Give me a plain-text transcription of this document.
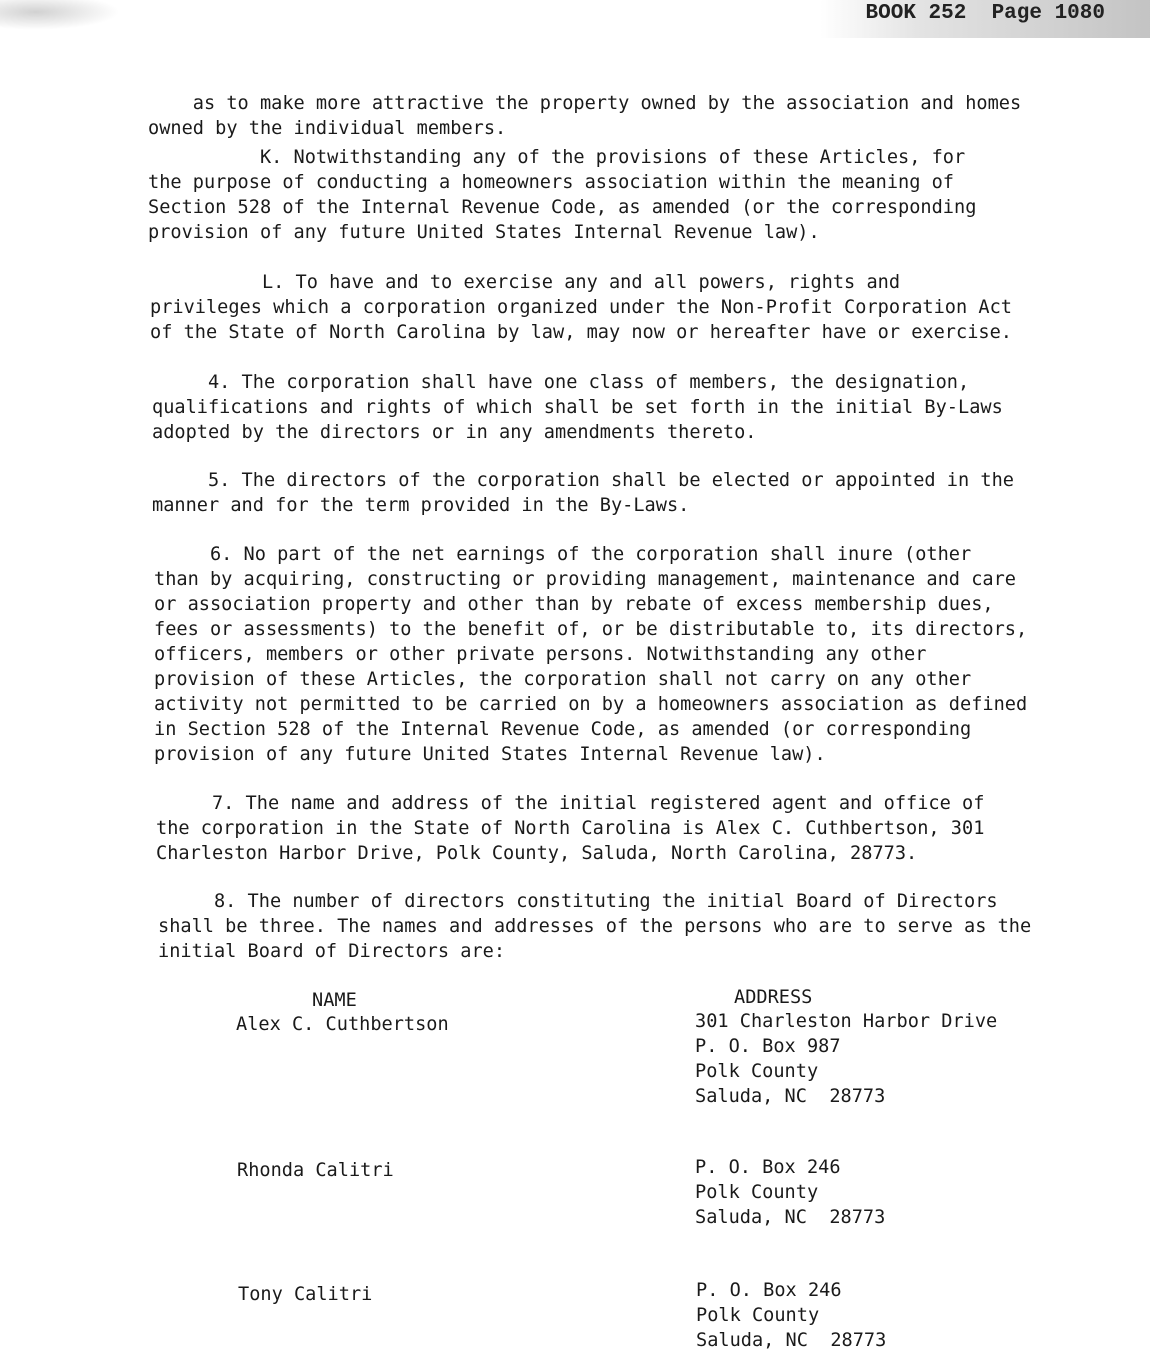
BOOK 252  Page 1080

as to make more attractive the property owned by the association and homes
owned by the individual members.

K. Notwithstanding any of the provisions of these Articles, for
the purpose of conducting a homeowners association within the meaning of
Section 528 of the Internal Revenue Code, as amended (or the corresponding
provision of any future United States Internal Revenue law).

L. To have and to exercise any and all powers, rights and
privileges which a corporation organized under the Non-Profit Corporation Act
of the State of North Carolina by law, may now or hereafter have or exercise.

4. The corporation shall have one class of members, the designation,
qualifications and rights of which shall be set forth in the initial By-Laws
adopted by the directors or in any amendments thereto.

5. The directors of the corporation shall be elected or appointed in the
manner and for the term provided in the By-Laws.

6. No part of the net earnings of the corporation shall inure (other
than by acquiring, constructing or providing management, maintenance and care
or association property and other than by rebate of excess membership dues,
fees or assessments) to the benefit of, or be distributable to, its directors,
officers, members or other private persons. Notwithstanding any other
provision of these Articles, the corporation shall not carry on any other
activity not permitted to be carried on by a homeowners association as defined
in Section 528 of the Internal Revenue Code, as amended (or corresponding
provision of any future United States Internal Revenue law).

7. The name and address of the initial registered agent and office of
the corporation in the State of North Carolina is Alex C. Cuthbertson, 301
Charleston Harbor Drive, Polk County, Saluda, North Carolina, 28773.

8. The number of directors constituting the initial Board of Directors
shall be three. The names and addresses of the persons who are to serve as the
initial Board of Directors are:

NAME	ADDRESS
Alex C. Cuthbertson	301 Charleston Harbor Drive
P. O. Box 987
Polk County
Saluda, NC  28773
Rhonda Calitri	P. O. Box 246
Polk County
Saluda, NC  28773
Tony Calitri	P. O. Box 246
Polk County
Saluda, NC  28773
